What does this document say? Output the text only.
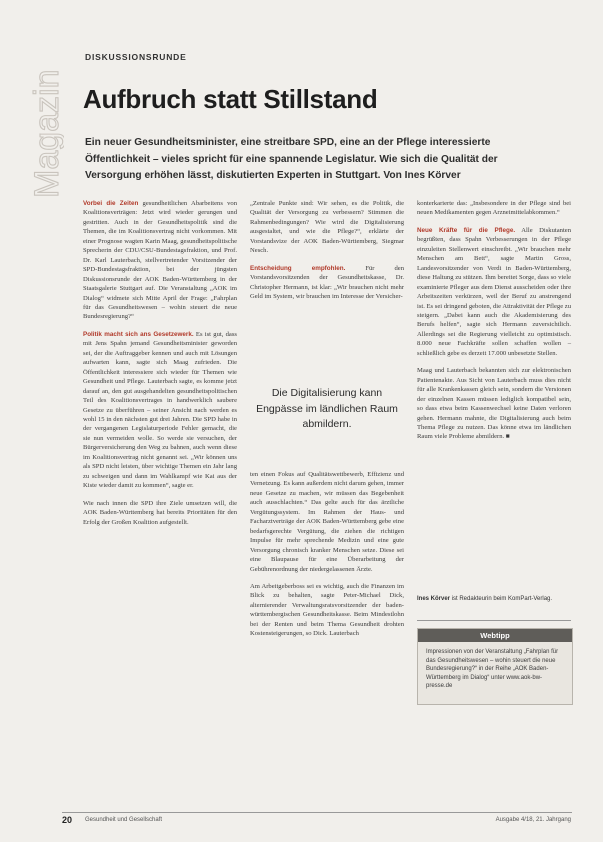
Magazin
DISKUSSIONSRUNDE
Aufbruch statt Stillstand
Ein neuer Gesundheitsminister, eine streitbare SPD, eine an der Pflege interessierte Öffentlichkeit – vieles spricht für eine spannende Legislatur. Wie sich die Qualität der Versorgung erhöhen lässt, diskutierten Experten in Stuttgart. Von Ines Körver

Vorbei die Zeiten gesundheitlichen Abarbeitens von Koalitionsverträgen: Jetzt wird wieder gerungen und gestritten. Auch in der Gesundheitspolitik sind die Themen, die im Koalitionsvertrag nicht vorkommen. Mit einer Prognose wagten Karin Maag, gesundheitspolitische Sprecherin der CDU/CSU-Bundestagsfraktion, und Prof. Dr. Karl Lauterbach, stellvertretender Vorsitzender der SPD-Bundestagsfraktion, bei der jüngsten Diskussionsrunde der AOK Baden-Württemberg in der Staatsgalerie Stuttgart auf. Die Veranstaltung „AOK im Dialog“ widmete sich Mitte April der Frage: „Fahrplan für das Gesundheitswesen – wohin steuert die neue Bundesregierung?“

Politik macht sich ans Gesetzewerk. Es ist gut, dass mit Jens Spahn jemand Gesundheitsminister geworden sei, der die Auftraggeber kennen und auch mit Lösungen aufwarten kann, sagte sich Maag zufrieden. Die Öffentlichkeit interessiere sich wieder für Themen wie Gesundheit und Pflege. Lauterbach sagte, es komme jetzt darauf an, den gut ausgehandelten gesundheitspolitischen Teil des Koalitionsvertrages in handwerklich saubere Gesetze zu überführen – seiner Ansicht nach werden es wohl 15 in den nächsten gut drei Jahren. Die SPD habe in der vergangenen Legislaturperiode Fehler gemacht, die sie nun vermeiden wolle. So werde sie versuchen, der Bürgerversicherung den Weg zu bahnen, auch wenn diese im Koalitionsvertrag nicht genannt sei. „Wir können uns als SPD nicht leisten, über wichtige Themen ein Jahr lang zu schweigen und dann im Wahlkampf wie Kai aus der Kiste wieder damit zu kommen“, sagte er.

Wie nach innen die SPD ihre Ziele umsetzen will, die AOK Baden-Württemberg hat bereits Prioritäten für den Erfolg der Großen Koalition aufgestellt.

„Zentrale Punkte sind: Wir sehen, es die Politik, die Qualität der Versorgung zu verbessern? Stimmen die Rahmenbedingungen? Wie wird die Digitalisierung ausgestaltet, und wie die Pflege?“, erklärte der Vorstandsvize der AOK Baden-Württemberg, Siegmar Nesch.

Entscheidung empfohlen. Für den Vorstandsvorsitzenden der Gesundheitskasse, Dr. Christopher Hermann, ist klar: „Wir brauchen nicht mehr Geld im System, wir brauchen im Interesse der Versicher-

Die Digitalisierung kann Engpässe im ländlichen Raum abmildern.

ten einen Fokus auf Qualitätswettbewerb, Effizienz und Vernetzung. Es kann außerdem nicht darum gehen, immer neue Gesetze zu machen, wir müssen das Begebenheit auch ausschlachten.“ Das gelte auch für das ärztliche Vergütungssystem. Im Rahmen der Haus- und Facharztverträge der AOK Baden-Württemberg gebe eine bedarfsgerechte Vergütung, die ziehen die richtigen Impulse für mehr sprechende Medizin und eine gute Versorgung chronisch kranker Menschen setze. Diese sei eine Blaupause für eine Überarbeitung der Gebührenordnung der niedergelassenen Ärzte.

Am Arbeitgeberboss sei es wichtig, auch die Finanzen im Blick zu behalten, sagte Peter-Michael Dick, alternierender Verwaltungsratsvorsitzender der baden-württembergischen Gesundheitskasse. Beim Mindestlohn bei der Renten und beim Thema Gesundheit drohten Kostensteigerungen, so Dick. Lauterbach

konterkarierte das: „Insbesondere in der Pflege sind bei neuen Medikamenten gegen Arzneimittelabkommen.“

Neue Kräfte für die Pflege. Alle Diskutanten begrüßten, dass Spahn Verbesserungen in der Pflege einzuleiten Stellenwert einschreibt. „Wir brauchen mehr Menschen am Bett“, sagte Martin Gross, Landesvorsitzender von Verdi in Baden-Württemberg, diese Haltung zu stützen. Ihm bereitet Sorge, dass so viele examinierte Pfleger aus dem Dienst ausscheiden oder ihre Arbeitszeiten verkürzen, weil der Beruf zu anstrengend ist. Es sei dringend geboten, die Attraktivität der Pflege zu steigern. „Dabei kann auch die Akademisierung des Berufs helfen“, sagte sich Hermann zuversichtlich. Allerdings sei die Regierung vielleicht zu optimistisch. 8.000 neue Fachkräfte sollen schaffen wollen – schließlich gebe es derzeit 17.000 unbesetzte Stellen.

Maag und Lauterbach bekannten sich zur elektronischen Patientenakte. Aus Sicht von Lauterbach muss dies nicht für alle Krankenkassen gleich sein, sondern die Versionen der einzelnen Kassen müssen lediglich kompatibel sein, so dass etwa beim Kassenwechsel keine Daten verloren gehen. Hermann mahnte, die Digitalisierung auch beim Thema Pflege zu nutzen. Das könne etwa im ländlichen Raum viele Probleme abmildern. ■

Ines Körver ist Redakteurin beim KomPart-Verlag.
Webtipp
Impressionen von der Veranstaltung „Fahrplan für das Gesundheitswesen – wohin steuert die neue Bundesregierung?“ in der Reihe „AOK Baden-Württemberg im Dialog“ unter www.aok-bw-presse.de
20 Gesundheit und Gesellschaft	Ausgabe 4/18, 21. Jahrgang
